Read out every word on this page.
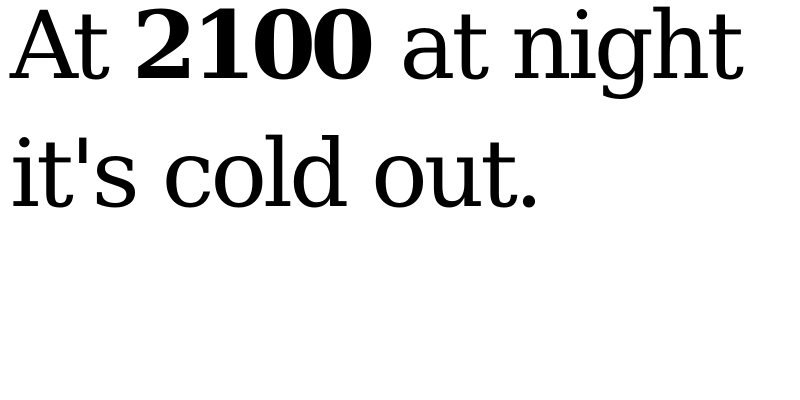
At 2100 at night
it's cold out.
